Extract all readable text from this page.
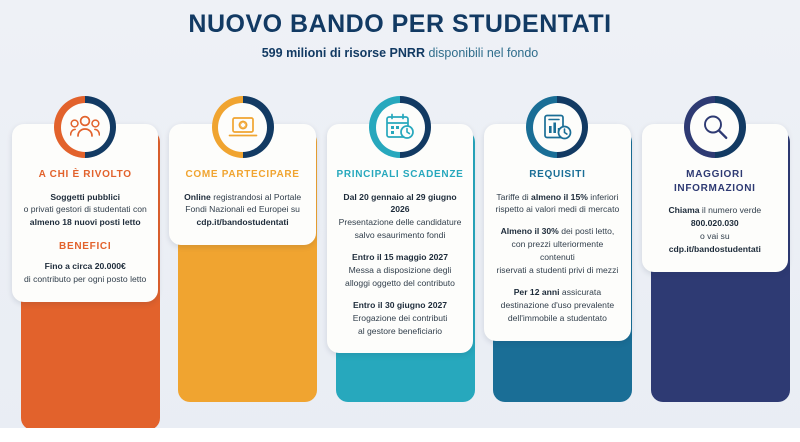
NUOVO BANDO PER STUDENTATI
599 milioni di risorse PNRR disponibili nel fondo
A CHI È RIVOLTO

Soggetti pubblici
o privati gestori di studentati con
almeno 18 nuovi posti letto

BENEFICI

Fino a circa 20.000€
di contributo per ogni posto letto

COME PARTECIPARE

Online registrandosi al Portale
Fondi Nazionali ed Europei su
cdp.it/bandostudentati

PRINCIPALI SCADENZE

Dal 20 gennaio al 29 giugno 2026
Presentazione delle candidature
salvo esaurimento fondi

Entro il 15 maggio 2027
Messa a disposizione degli
alloggi oggetto del contributo

Entro il 30 giugno 2027
Erogazione dei contributi
al gestore beneficiario

REQUISITI

Tariffe di almeno il 15% inferiori
rispetto ai valori medi di mercato

Almeno il 30% dei posti letto,
con prezzi ulteriormente contenuti
riservati a studenti privi di mezzi

Per 12 anni assicurata
destinazione d'uso prevalente
dell'immobile a studentato

MAGGIORI
INFORMAZIONI

Chiama il numero verde
800.020.030
o vai su
cdp.it/bandostudentati
